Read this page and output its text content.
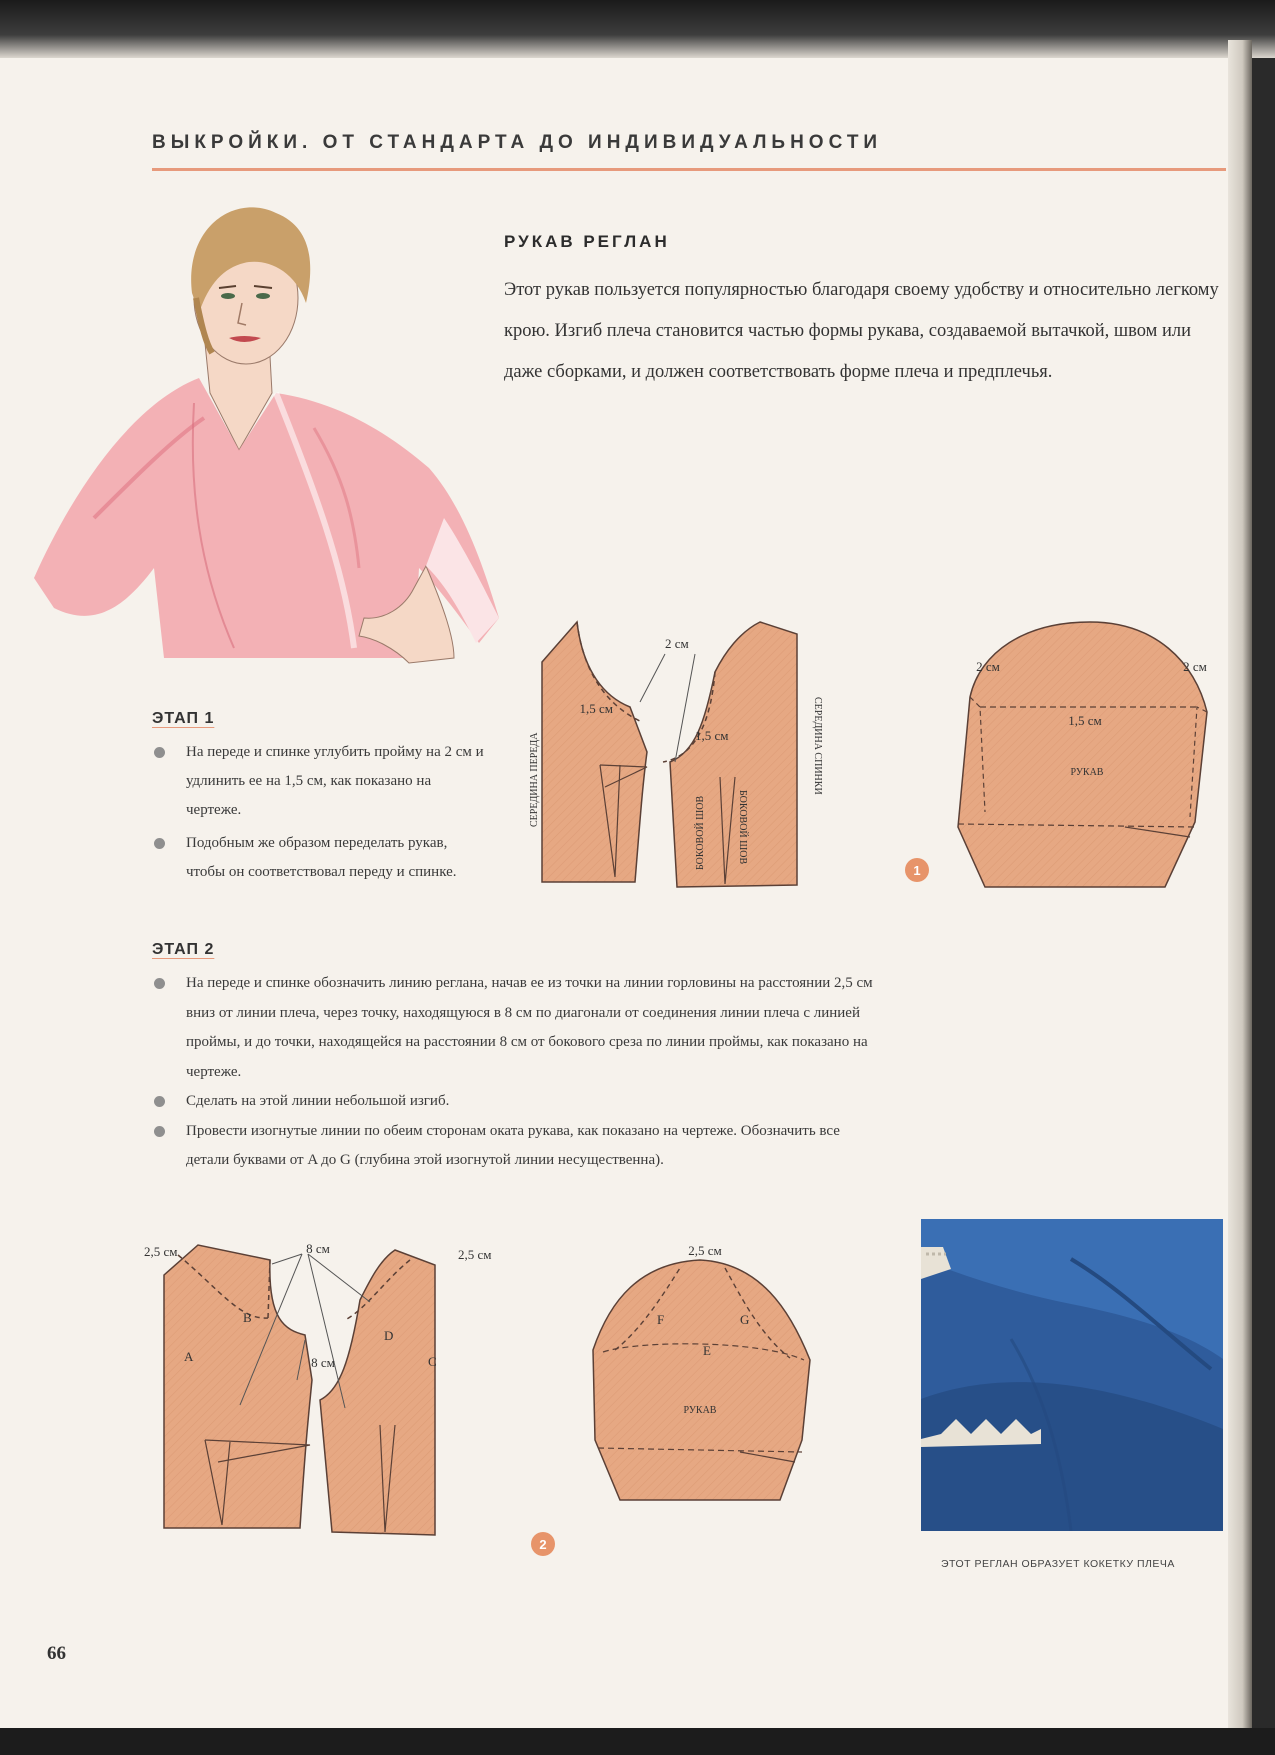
ВЫКРОЙКИ. ОТ СТАНДАРТА ДО ИНДИВИДУАЛЬНОСТИ
РУКАВ РЕГЛАН
Этот рукав пользуется популярностью благодаря своему удобству и относительно легкому крою. Изгиб плеча становится частью формы рукава, создаваемой вытачкой, швом или даже сборками, и должен соответствовать форме плеча и предплечья.
ЭТАП 1
На переде и спинке углубить пройму на 2 см и удлинить ее на 1,5 см, как показано на чертеже.
Подобным же образом переделать рукав, чтобы он соответствовал переду и спинке.
1,5 см
2 см
1,5 см
СЕРЕДИНА ПЕРЕДА	СЕРЕДИНА СПИНКИ
БОКОВОЙ ШОВ	БОКОВОЙ ШОВ
1
1,5 см
2 см	2 см
РУКАВ
ЭТАП 2
На переде и спинке обозначить линию реглана, начав ее из точки на линии горловины на расстоянии 2,5 см вниз от линии плеча, через точку, находящуюся в 8 см по диагонали от соединения линии плеча с линией проймы, и до точки, находящейся на расстоянии 8 см от бокового среза по линии проймы, как показано на чертеже.
Сделать на этой линии небольшой изгиб.
Провести изогнутые линии по обеим сторонам оката рукава, как показано на чертеже. Обозначить все детали буквами от A до G (глубина этой изогнутой линии несущественна).
8 см
8 см
2,5 см	2,5 см
A
B
C
D
2
2,5 см
F
E
G
РУКАВ
ЭТОТ РЕГЛАН ОБРАЗУЕТ КОКЕТКУ ПЛЕЧА
66
